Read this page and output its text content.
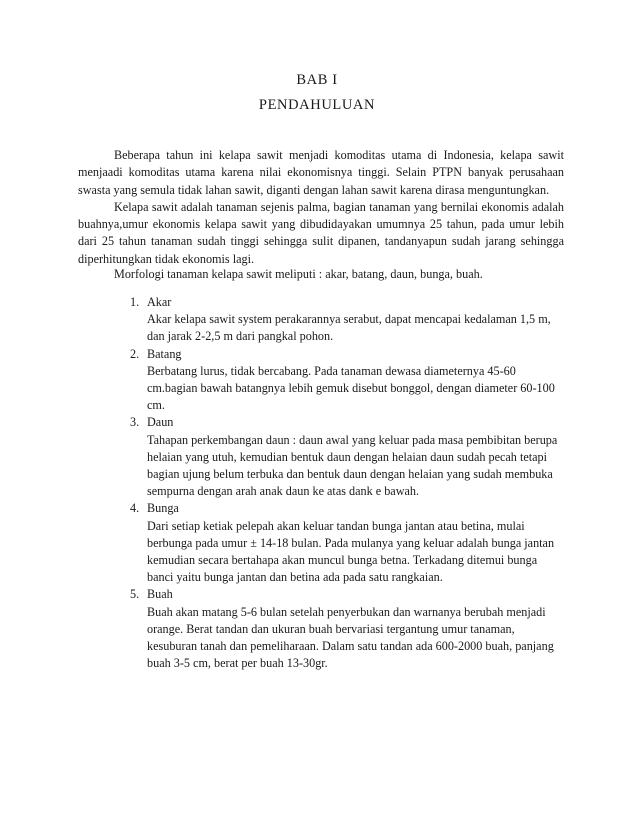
BAB I
PENDAHULUAN

Beberapa tahun ini kelapa sawit menjadi komoditas utama di Indonesia, kelapa sawit menjaadi komoditas utama karena nilai ekonomisnya tinggi. Selain PTPN banyak perusahaan swasta yang semula tidak lahan sawit, diganti dengan lahan sawit karena dirasa menguntungkan.

Kelapa sawit adalah tanaman sejenis palma, bagian tanaman yang bernilai ekonomis adalah buahnya,umur ekonomis kelapa sawit yang dibudidayakan umumnya 25 tahun, pada umur lebih dari 25 tahun tanaman sudah tinggi sehingga sulit dipanen, tandanyapun sudah jarang sehingga diperhitungkan tidak ekonomis lagi.

Morfologi tanaman kelapa sawit meliputi : akar, batang, daun, bunga, buah.
1. Akar
Akar kelapa sawit system perakarannya serabut, dapat mencapai kedalaman 1,5 m, dan jarak 2-2,5 m dari pangkal pohon.
2. Batang
Berbatang lurus, tidak bercabang. Pada tanaman dewasa diameternya 45-60 cm.bagian bawah batangnya lebih gemuk disebut bonggol, dengan diameter 60-100 cm.
3. Daun
Tahapan perkembangan daun : daun awal yang keluar pada masa pembibitan berupa helaian yang utuh, kemudian bentuk daun dengan helaian daun sudah pecah tetapi bagian ujung belum terbuka dan bentuk daun dengan helaian yang sudah membuka sempurna dengan arah anak daun ke atas dank e bawah.
4. Bunga
Dari setiap ketiak pelepah akan keluar tandan bunga jantan atau betina, mulai berbunga pada umur ± 14-18 bulan. Pada mulanya yang keluar adalah bunga jantan kemudian secara bertahapa akan muncul bunga betna. Terkadang ditemui bunga banci yaitu bunga jantan dan betina ada pada satu rangkaian.
5. Buah
Buah akan matang 5-6 bulan setelah penyerbukan dan warnanya berubah menjadi orange. Berat tandan dan ukuran buah bervariasi tergantung umur tanaman, kesuburan tanah dan pemeliharaan. Dalam satu tandan ada 600-2000 buah, panjang buah 3-5 cm, berat per buah 13-30gr.
